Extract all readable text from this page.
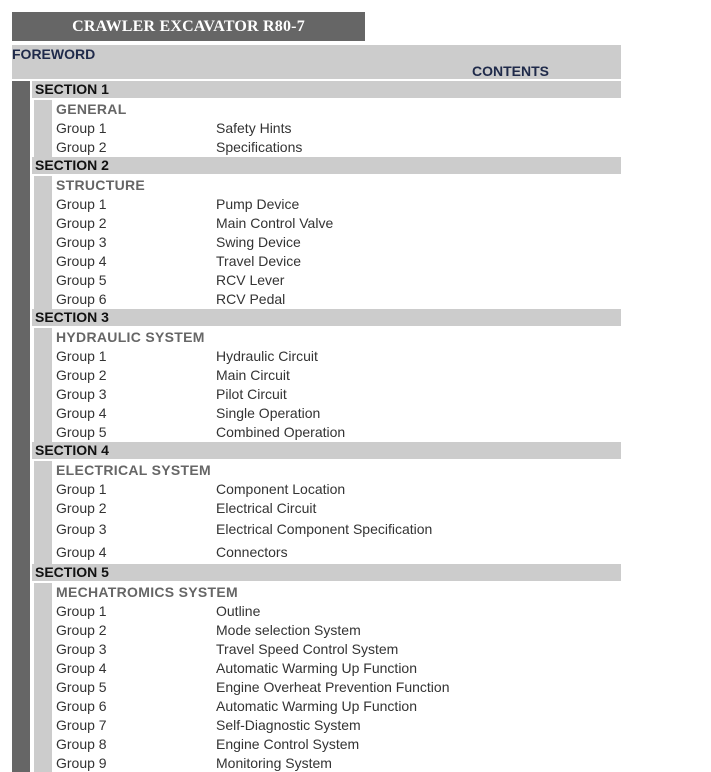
CRAWLER EXCAVATOR R80-7
FOREWORD
CONTENTS
SECTION 1
GENERAL
Group 1	Safety Hints
Group 2	Specifications
SECTION 2
STRUCTURE
Group 1	Pump Device
Group 2	Main Control Valve
Group 3	Swing Device
Group 4	Travel Device
Group 5	RCV Lever
Group 6	RCV Pedal
SECTION 3
HYDRAULIC SYSTEM
Group 1	Hydraulic Circuit
Group 2	Main Circuit
Group 3	Pilot Circuit
Group 4	Single Operation
Group 5	Combined Operation
SECTION 4
ELECTRICAL SYSTEM
Group 1	Component Location
Group 2	Electrical Circuit
Group 3	Electrical Component Specification
Group 4	Connectors
SECTION 5
MECHATROMICS SYSTEM
Group 1	Outline
Group 2	Mode selection System
Group 3	Travel Speed Control System
Group 4	Automatic Warming Up Function
Group 5	Engine Overheat Prevention Function
Group 6	Automatic Warming Up Function
Group 7	Self-Diagnostic System
Group 8	Engine Control System
Group 9	Monitoring System
